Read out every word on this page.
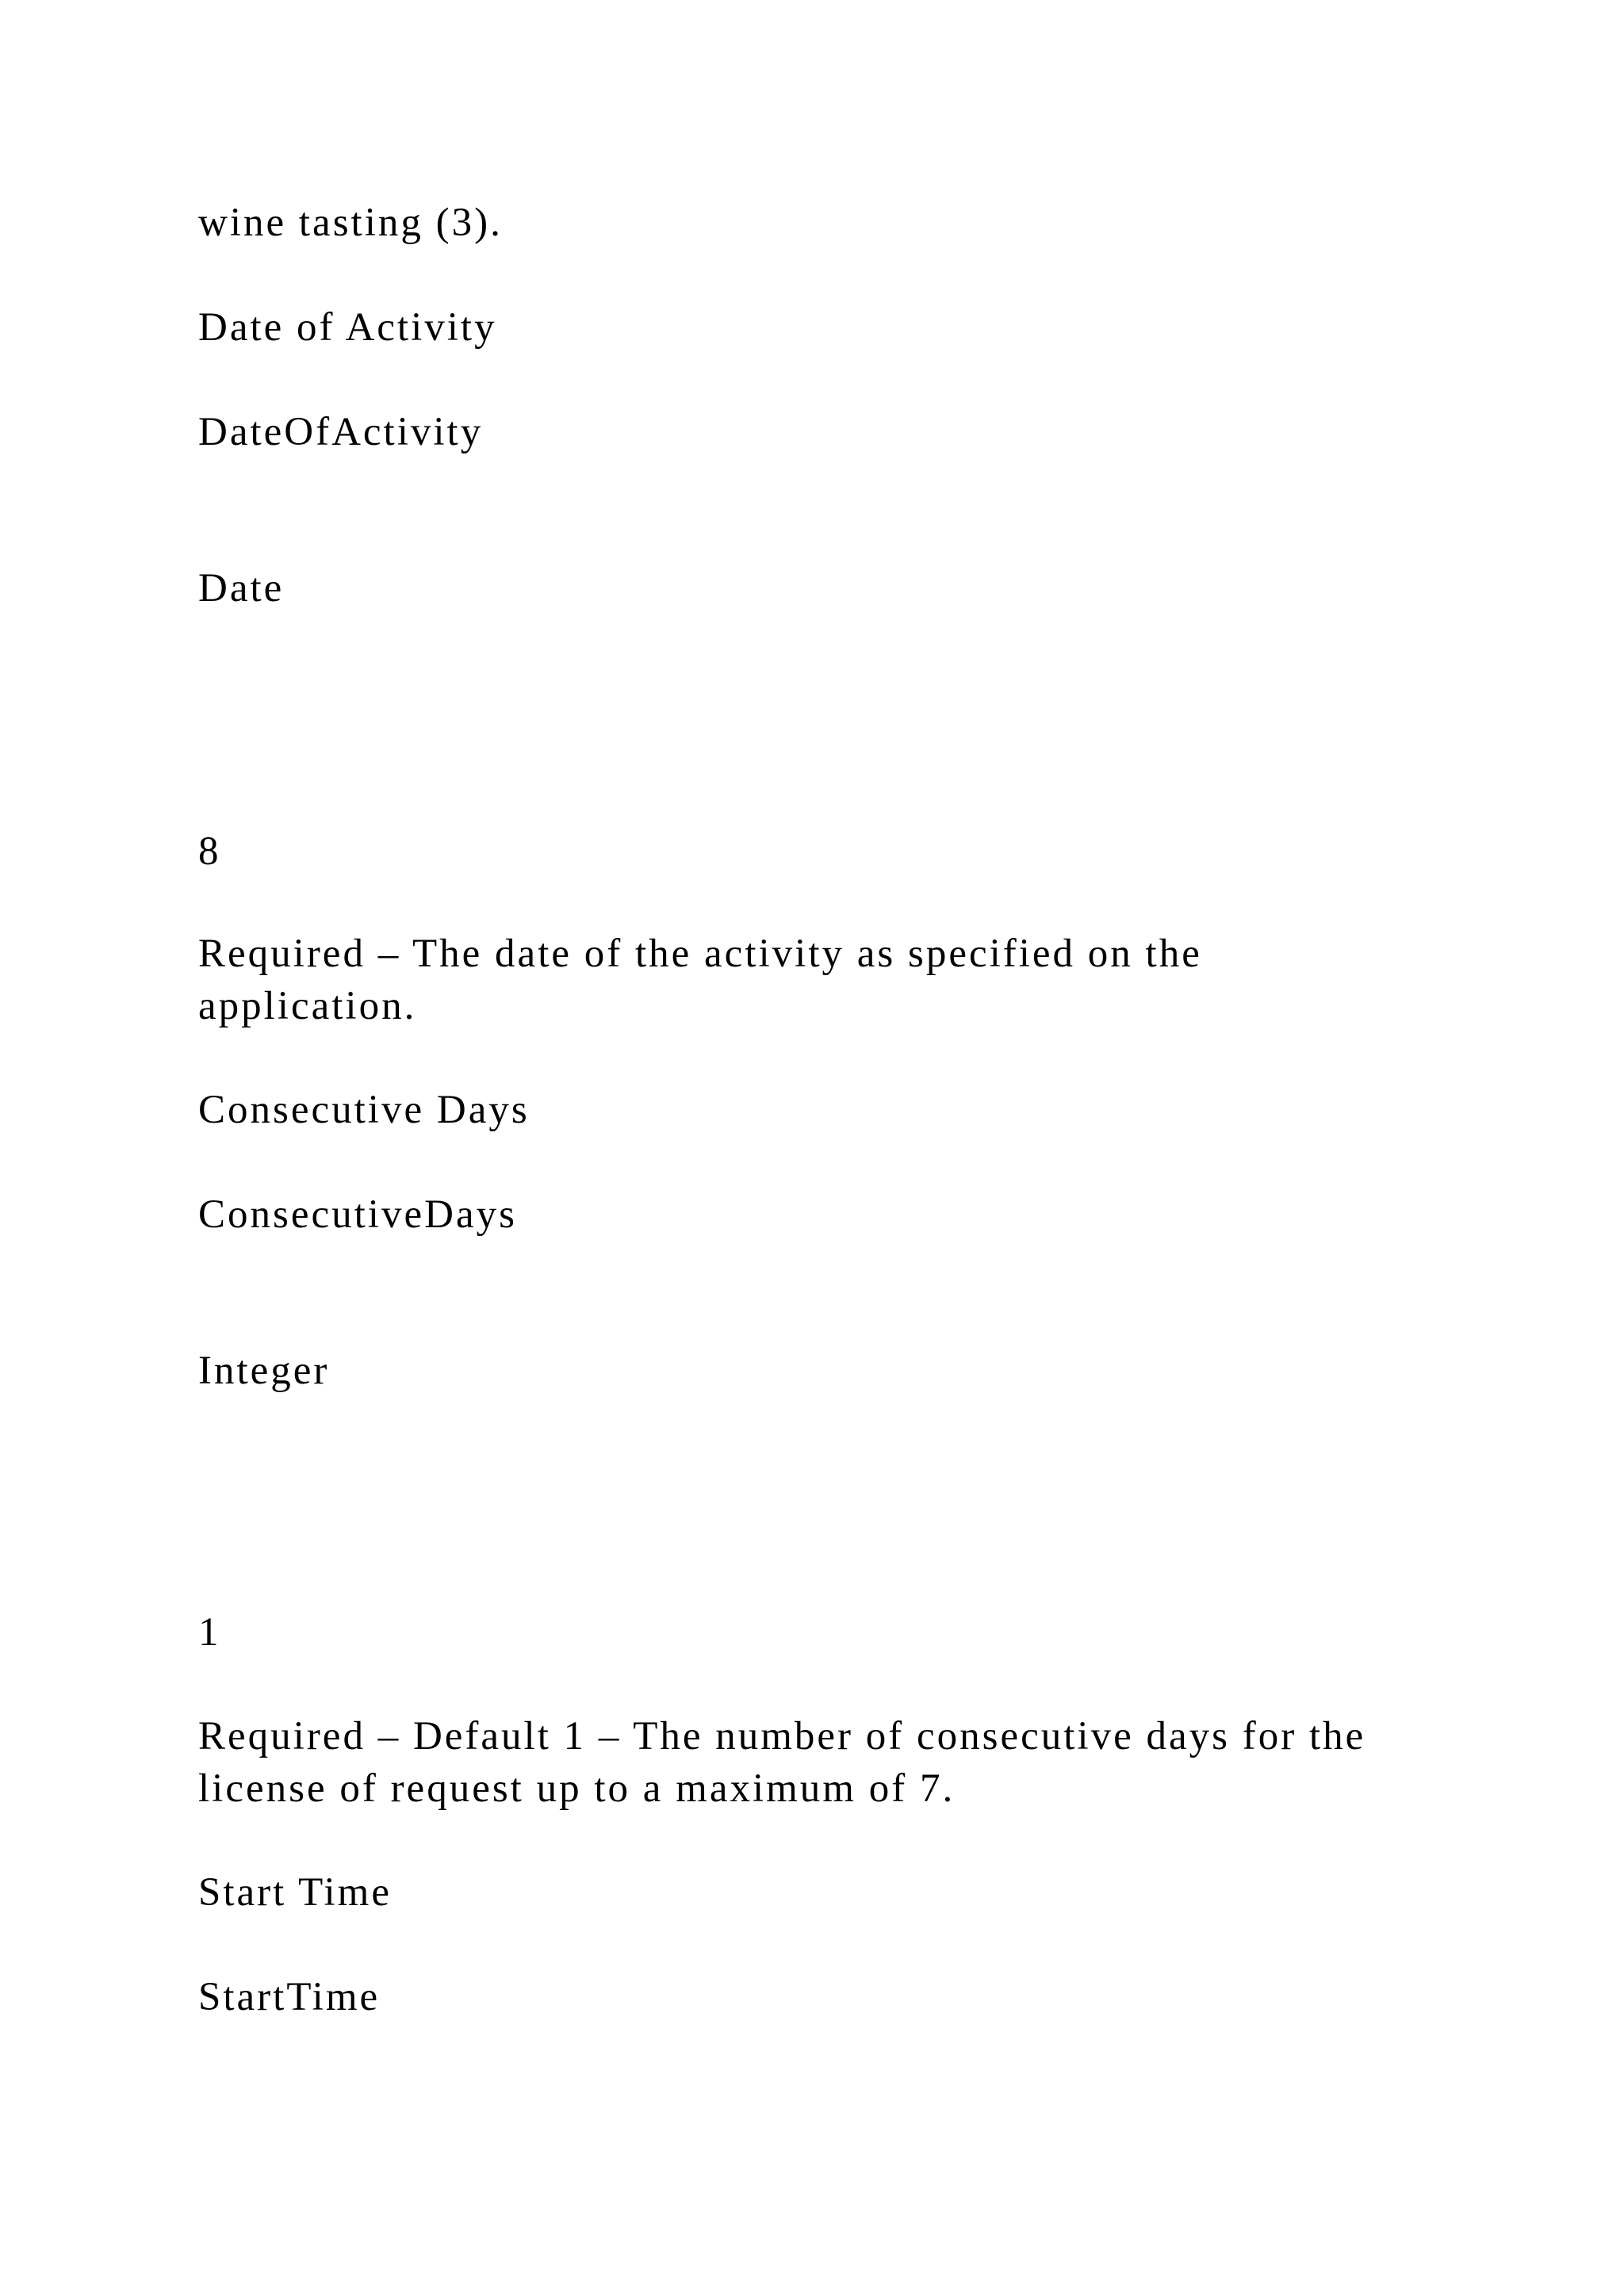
wine tasting (3).

Date of Activity

DateOfActivity

Date

8

Required – The date of the activity as specified on the

application.

Consecutive Days

ConsecutiveDays

Integer

1

Required – Default 1 – The number of consecutive days for the

license of request up to a maximum of 7.

Start Time

StartTime
